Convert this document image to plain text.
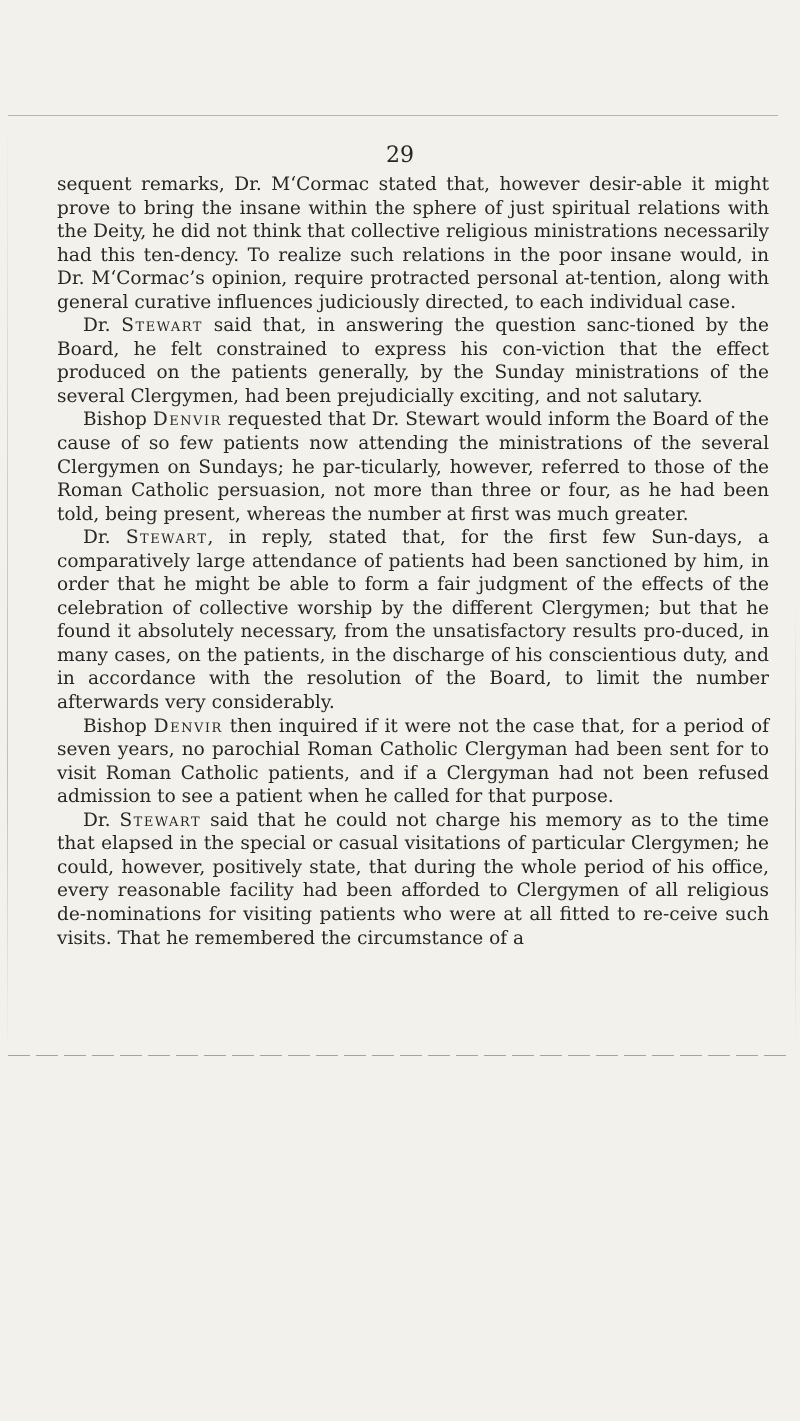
29

sequent remarks, Dr. M‘Cormac stated that, however desir-able it might prove to bring the insane within the sphere of just spiritual relations with the Deity, he did not think that collective religious ministrations necessarily had this ten-dency. To realize such relations in the poor insane would, in Dr. M‘Cormac’s opinion, require protracted personal at-tention, along with general curative influences judiciously directed, to each individual case.

Dr. Stewart said that, in answering the question sanc-tioned by the Board, he felt constrained to express his con-viction that the effect produced on the patients generally, by the Sunday ministrations of the several Clergymen, had been prejudicially exciting, and not salutary.

Bishop Denvir requested that Dr. Stewart would inform the Board of the cause of so few patients now attending the ministrations of the several Clergymen on Sundays; he par-ticularly, however, referred to those of the Roman Catholic persuasion, not more than three or four, as he had been told, being present, whereas the number at first was much greater.

Dr. Stewart, in reply, stated that, for the first few Sun-days, a comparatively large attendance of patients had been sanctioned by him, in order that he might be able to form a fair judgment of the effects of the celebration of collective worship by the different Clergymen; but that he found it absolutely necessary, from the unsatisfactory results pro-duced, in many cases, on the patients, in the discharge of his conscientious duty, and in accordance with the resolution of the Board, to limit the number afterwards very considerably.

Bishop Denvir then inquired if it were not the case that, for a period of seven years, no parochial Roman Catholic Clergyman had been sent for to visit Roman Catholic patients, and if a Clergyman had not been refused admission to see a patient when he called for that purpose.

Dr. Stewart said that he could not charge his memory as to the time that elapsed in the special or casual visitations of particular Clergymen; he could, however, positively state, that during the whole period of his office, every reasonable facility had been afforded to Clergymen of all religious de-nominations for visiting patients who were at all fitted to re-ceive such visits. That he remembered the circumstance of a
